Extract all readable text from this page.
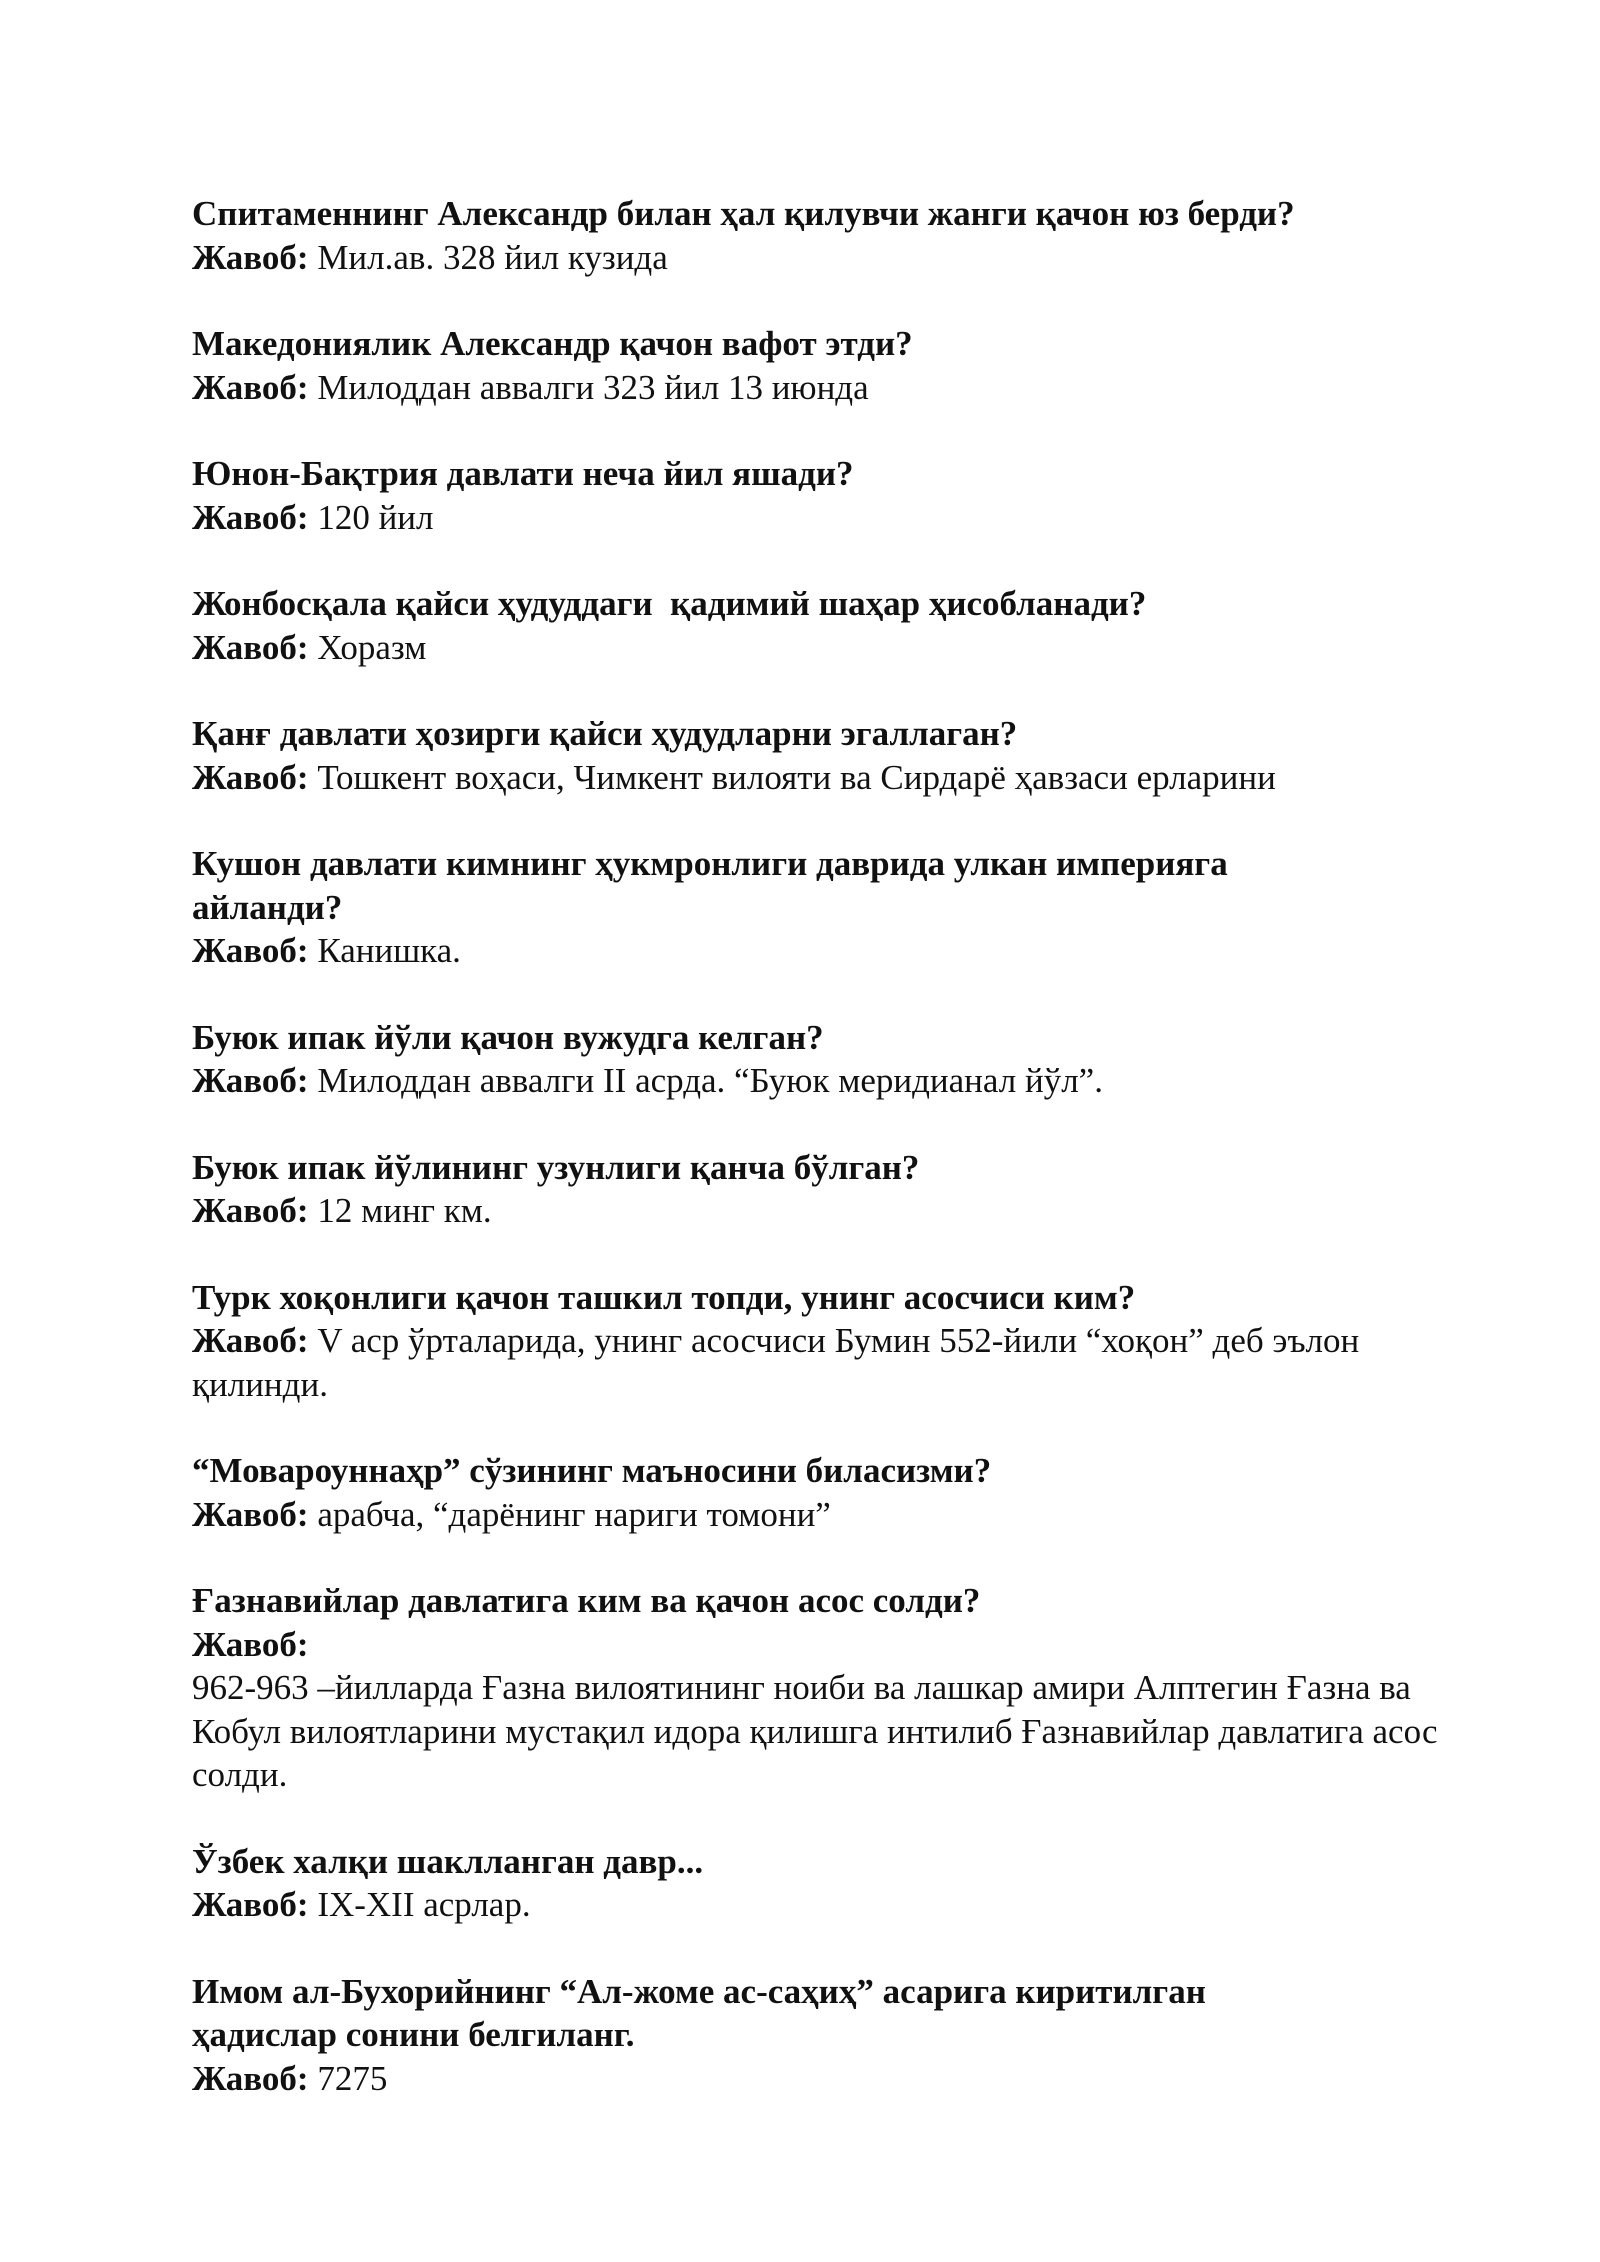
Спитаменнинг Александр билан ҳал қилувчи жанги қачон юз берди?

Жавоб: Мил.ав. 328 йил кузида

Македониялик Александр қачон вафот этди?

Жавоб: Милоддан аввалги 323 йил 13 июнда

Юнон-Бақтрия давлати неча йил яшади?

Жавоб: 120 йил

Жонбосқала қайси ҳудуддаги  қадимий шаҳар ҳисобланади?

Жавоб: Хоразм

Қанғ давлати ҳозирги қайси ҳудудларни эгаллаган?

Жавоб: Тошкент воҳаси, Чимкент вилояти ва Сирдарё ҳавзаси ерларини

Кушон давлати кимнинг ҳукмронлиги даврида улкан империяга айланди?

Жавоб: Канишка.

Буюк ипак йўли қачон вужудга келган?

Жавоб: Милоддан аввалги II асрда. “Буюк меридианал йўл”.

Буюк ипак йўлининг узунлиги қанча бўлган?

Жавоб: 12 минг км.

Турк хоқонлиги қачон ташкил топди, унинг асосчиси ким?

Жавоб: V аср ўрталарида, унинг асосчиси Бумин 552-йили “хоқон” деб эълон қилинди.

“Мовароуннаҳр” сўзининг маъносини биласизми?

Жавоб: арабча, “дарёнинг нариги томони”

Ғазнавийлар давлатига ким ва қачон асос солди?

Жавоб:

962-963 –йилларда Ғазна вилоятининг ноиби ва лашкар амири Алптегин Ғазна ва Кобул вилоятларини мустақил идора қилишга интилиб Ғазнавийлар давлатига асос солди.

Ўзбек халқи шаклланган давр...

Жавоб: IX-XII асрлар.

Имом ал-Бухорийнинг “Ал-жоме ас-саҳиҳ” асарига киритилган ҳадислар сонини белгиланг.

Жавоб: 7275
